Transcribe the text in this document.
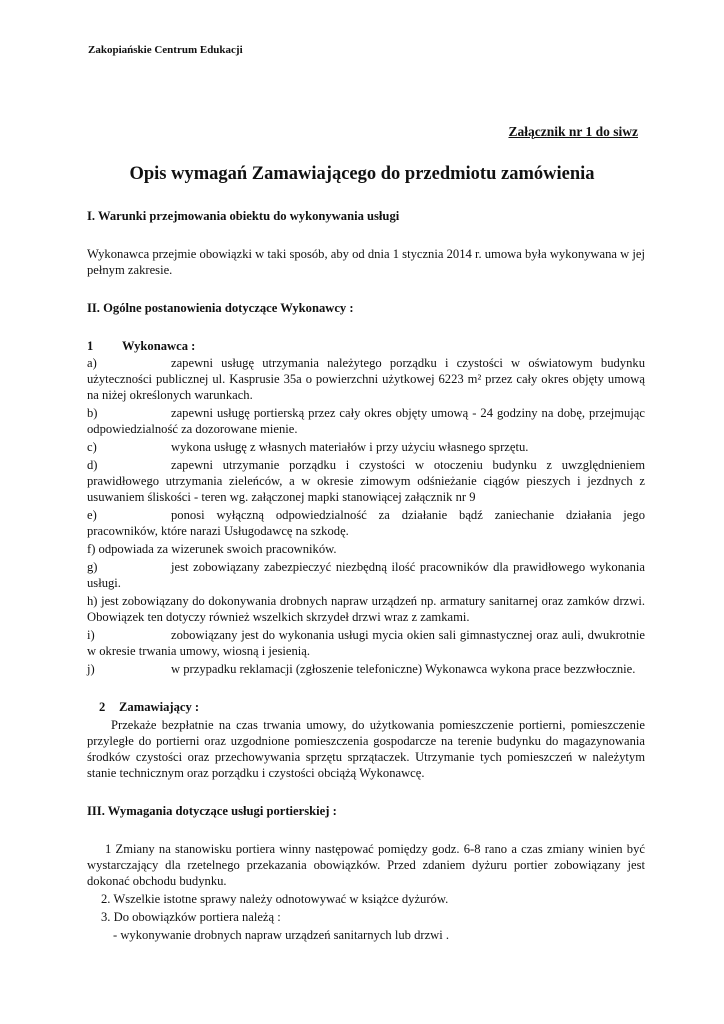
Zakopiańskie Centrum Edukacji
Załącznik nr 1 do siwz
Opis wymagań Zamawiającego do przedmiotu zamówienia

I. Warunki przejmowania obiektu do wykonywania usługi

Wykonawca przejmie obowiązki w taki sposób, aby od dnia 1 stycznia 2014 r. umowa była wykonywana w jej pełnym zakresie.

II. Ogólne postanowienia dotyczące Wykonawcy :

1 Wykonawca :

a)	zapewni usługę utrzymania należytego porządku i czystości w oświatowym budynku użyteczności publicznej ul. Kasprusie 35a o powierzchni użytkowej 6223 m² przez cały okres objęty umową na niżej określonych warunkach.

b)	zapewni usługę portierską przez cały okres objęty umową - 24 godziny na dobę, przejmując odpowiedzialność za dozorowane mienie.

c)	wykona usługę z własnych materiałów i przy użyciu własnego sprzętu.

d)	zapewni utrzymanie porządku i czystości w otoczeniu budynku z uwzględnieniem prawidłowego utrzymania zieleńców, a w okresie zimowym odśnieżanie ciągów pieszych i jezdnych z usuwaniem śliskości - teren wg. załączonej mapki stanowiącej załącznik nr 9

e)	ponosi wyłączną odpowiedzialność za działanie bądź zaniechanie działania jego pracowników, które narazi Usługodawcę na szkodę.

f) odpowiada za wizerunek swoich pracowników.

g)	jest zobowiązany zabezpieczyć niezbędną ilość pracowników dla prawidłowego wykonania usługi.

h) jest zobowiązany do dokonywania drobnych napraw urządzeń np. armatury sanitarnej oraz zamków drzwi. Obowiązek ten dotyczy również wszelkich skrzydeł drzwi wraz z zamkami.

i)	zobowiązany jest do wykonania usługi mycia okien sali gimnastycznej oraz auli, dwukrotnie w okresie trwania umowy, wiosną i jesienią.

j)	w przypadku reklamacji (zgłoszenie telefoniczne) Wykonawca wykona prace bezzwłocznie.

2 Zamawiający :

Przekaże bezpłatnie na czas trwania umowy, do użytkowania pomieszczenie portierni, pomieszczenie przyległe do portierni oraz uzgodnione pomieszczenia gospodarcze na terenie budynku do magazynowania środków czystości oraz przechowywania sprzętu sprzątaczek. Utrzymanie tych pomieszczeń w należytym stanie technicznym oraz porządku i czystości obciążą Wykonawcę.

III. Wymagania dotyczące usługi portierskiej :

1 Zmiany na stanowisku portiera winny następować pomiędzy godz. 6-8 rano a czas zmiany winien być wystarczający dla rzetelnego przekazania obowiązków. Przed zdaniem dyżuru portier zobowiązany jest dokonać obchodu budynku.

2. Wszelkie istotne sprawy należy odnotowywać w książce dyżurów.

3. Do obowiązków portiera należą :

- wykonywanie drobnych napraw urządzeń sanitarnych lub drzwi .
